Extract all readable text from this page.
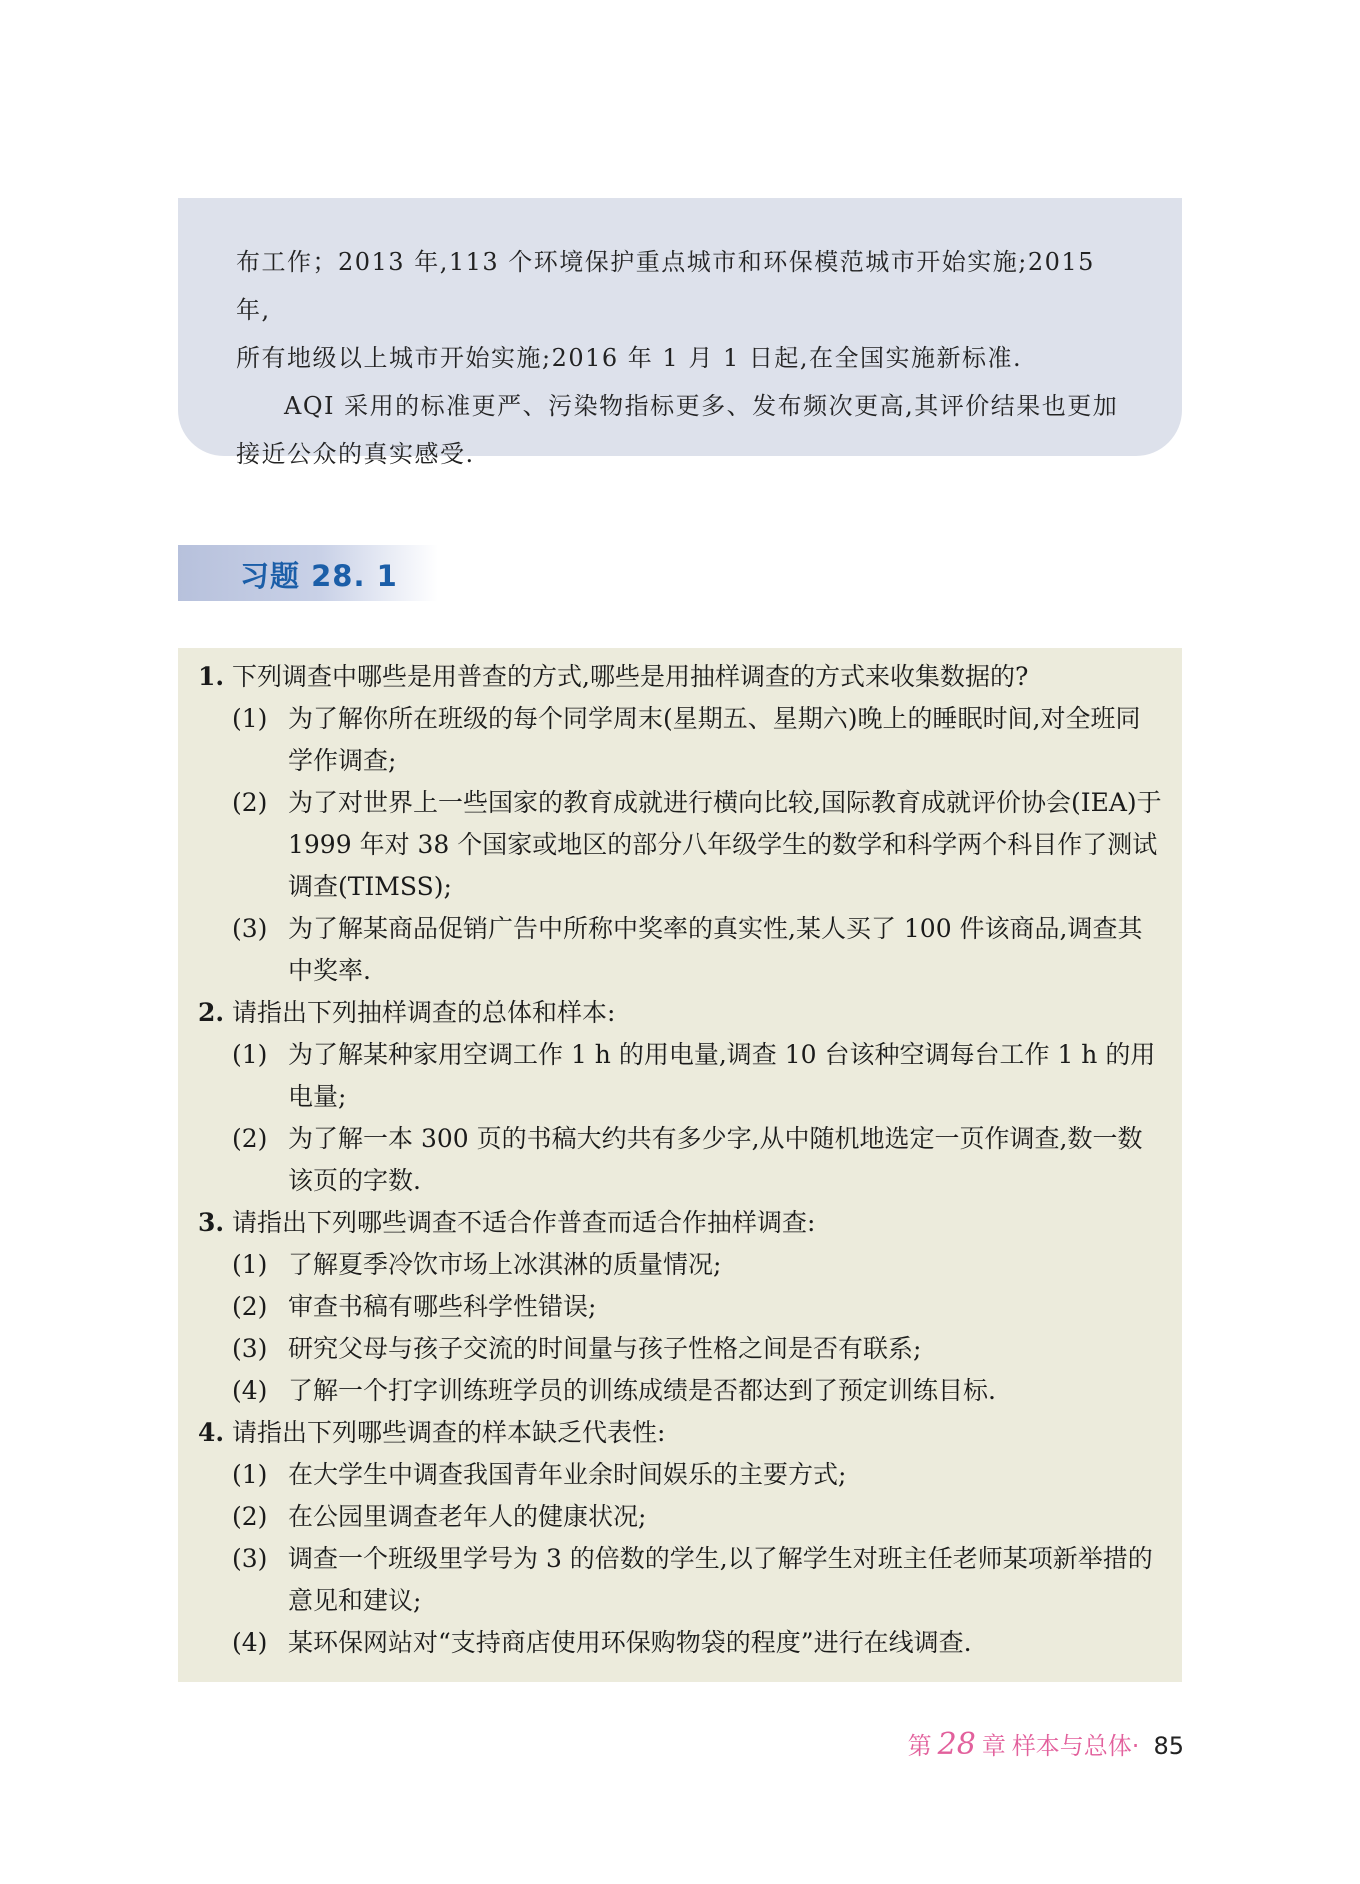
布工作；2013 年,113 个环境保护重点城市和环保模范城市开始实施;2015 年,

所有地级以上城市开始实施;2016 年 1 月 1 日起,在全国实施新标准.

AQI 采用的标准更严、污染物指标更多、发布频次更高,其评价结果也更加

接近公众的真实感受.

习题 28. 1

1. 下列调查中哪些是用普查的方式,哪些是用抽样调查的方式来收集数据的?

(1) 为了解你所在班级的每个同学周末(星期五、星期六)晚上的睡眠时间,对全班同学作调查;

(2) 为了对世界上一些国家的教育成就进行横向比较,国际教育成就评价协会(IEA)于 1999 年对 38 个国家或地区的部分八年级学生的数学和科学两个科目作了测试调查(TIMSS);

(3) 为了解某商品促销广告中所称中奖率的真实性,某人买了 100 件该商品,调查其中奖率.

2. 请指出下列抽样调查的总体和样本:

(1) 为了解某种家用空调工作 1 h 的用电量,调查 10 台该种空调每台工作 1 h 的用电量;

(2) 为了解一本 300 页的书稿大约共有多少字,从中随机地选定一页作调查,数一数该页的字数.

3. 请指出下列哪些调查不适合作普查而适合作抽样调查:

(1) 了解夏季冷饮市场上冰淇淋的质量情况;

(2) 审查书稿有哪些科学性错误;

(3) 研究父母与孩子交流的时间量与孩子性格之间是否有联系;

(4) 了解一个打字训练班学员的训练成绩是否都达到了预定训练目标.

4. 请指出下列哪些调查的样本缺乏代表性:

(1) 在大学生中调查我国青年业余时间娱乐的主要方式;

(2) 在公园里调查老年人的健康状况;

(3) 调查一个班级里学号为 3 的倍数的学生,以了解学生对班主任老师某项新举措的意见和建议;

(4) 某环保网站对“支持商店使用环保购物袋的程度”进行在线调查.

第 28 章 样本与总体· 85
